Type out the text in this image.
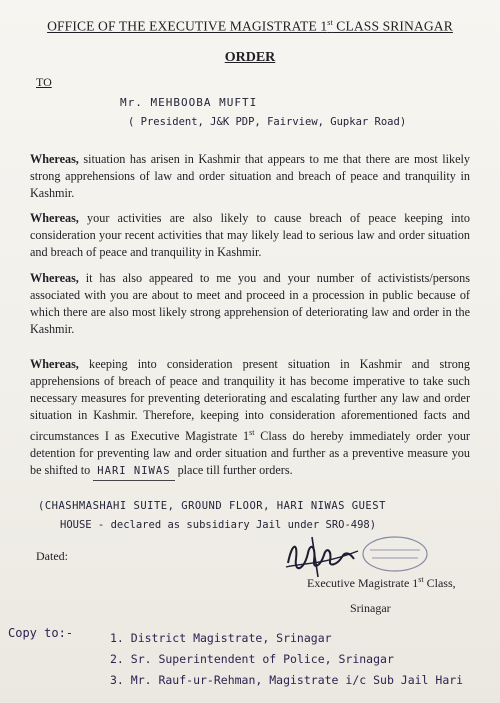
OFFICE OF THE EXECUTIVE MAGISTRATE 1st CLASS SRINAGAR
ORDER
TO
Mr. MEHBOOBA MUFTI
( President, J&K PDP, Fairview, Gupkar Road)

Whereas, situation has arisen in Kashmir that appears to me that there are most likely strong apprehensions of law and order situation and breach of peace and tranquility in Kashmir.

Whereas, your activities are also likely to cause breach of peace keeping into consideration your recent activities that may likely lead to serious law and order situation and breach of peace and tranquility in Kashmir.

Whereas, it has also appeared to me you and your number of activistists/persons associated with you are about to meet and proceed in a procession in public because of which there are also most likely strong apprehension of deteriorating law and order in the Kashmir.

Whereas, keeping into consideration present situation in Kashmir and strong apprehensions of breach of peace and tranquility it has become imperative to take such necessary measures for preventing deteriorating and escalating further any law and order situation in Kashmir. Therefore, keeping into consideration aforementioned facts and circumstances I as Executive Magistrate 1st Class do hereby immediately order your detention for preventing law and order situation and further as a preventive measure you be shifted to HARI NIWAS place till further orders.

(CHASHMASHAHI SUITE, GROUND FLOOR, HARI NIWAS GUEST
HOUSE - declared as subsidiary Jail under SRO-498)
Dated:
Executive Magistrate 1st Class,
Srinagar
Copy to:-	1. District Magistrate, Srinagar
2. Sr. Superintendent of Police, Srinagar
3. Mr. Rauf-ur-Rehman, Magistrate i/c Sub Jail Hari
